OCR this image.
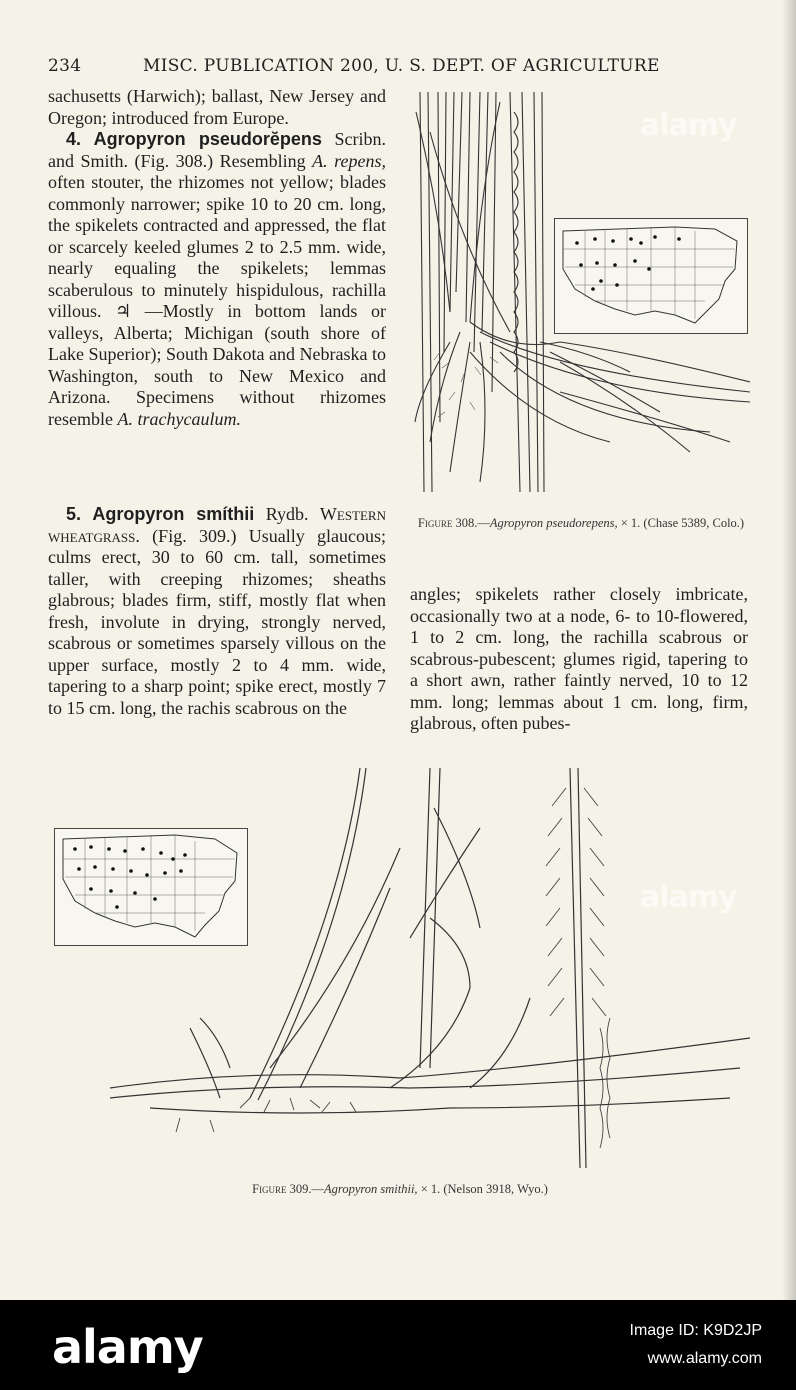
234	MISC. PUBLICATION 200, U. S. DEPT. OF AGRICULTURE

sachusetts (Harwich); ballast, New Jersey and Oregon; introduced from Europe.

4. Agropyron pseudorĕpens Scribn. and Smith. (Fig. 308.) Resembling A. repens, often stouter, the rhizomes not yellow; blades commonly narrower; spike 10 to 20 cm. long, the spikelets contracted and appressed, the flat or scarcely keeled glumes 2 to 2.5 mm. wide, nearly equaling the spikelets; lemmas scaberulous to minutely hispidulous, rachilla villous. ♃ —Mostly in bottom lands or valleys, Alberta; Michigan (south shore of Lake Superior); South Dakota and Nebraska to Washington, south to New Mexico and Arizona. Specimens without rhizomes resemble A. trachycaulum.

5. Agropyron smíthii Rydb. Western wheatgrass. (Fig. 309.) Usually glaucous; culms erect, 30 to 60 cm. tall, sometimes taller, with creeping rhizomes; sheaths glabrous; blades firm, stiff, mostly flat when fresh, involute in drying, strongly nerved, scabrous or sometimes sparsely villous on the upper surface, mostly 2 to 4 mm. wide, tapering to a sharp point; spike erect, mostly 7 to 15 cm. long, the rachis scabrous on the

angles; spikelets rather closely imbricate, occasionally two at a node, 6- to 10-flowered, 1 to 2 cm. long, the rachilla scabrous or scabrous-pubescent; glumes rigid, tapering to a short awn, rather faintly nerved, 10 to 12 mm. long; lemmas about 1 cm. long, firm, glabrous, often pubes-

Figure 308.—Agropyron pseudorepens, × 1. (Chase 5389, Colo.)
Figure 309.—Agropyron smithii, × 1. (Nelson 3918, Wyo.)
alamy
alamy
alamy	Image ID: K9D2JP
www.alamy.com
